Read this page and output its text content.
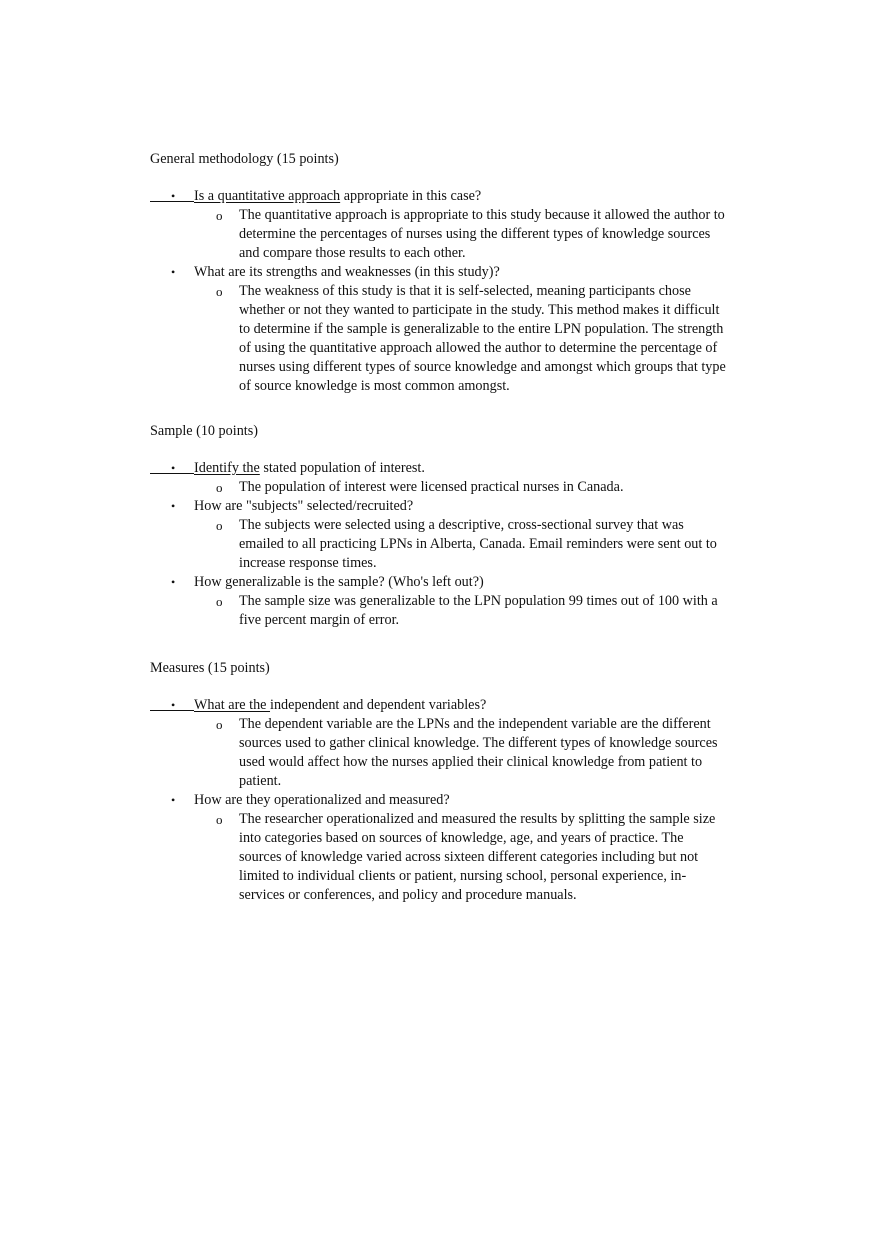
General methodology (15 points)

• Is a quantitative approach appropriate in this case?

o The quantitative approach is appropriate to this study because it allowed the author to determine the percentages of nurses using the different types of knowledge sources and compare those results to each other.

• What are its strengths and weaknesses (in this study)?

o The weakness of this study is that it is self-selected, meaning participants chose whether or not they wanted to participate in the study. This method makes it difficult to determine if the sample is generalizable to the entire LPN population. The strength of using the quantitative approach allowed the author to determine the percentage of nurses using different types of source knowledge and amongst which groups that type of source knowledge is most common amongst.

Sample (10 points)

• Identify the stated population of interest.

o The population of interest were licensed practical nurses in Canada.

• How are "subjects" selected/recruited?

o The subjects were selected using a descriptive, cross-sectional survey that was emailed to all practicing LPNs in Alberta, Canada. Email reminders were sent out to increase response times.

• How generalizable is the sample? (Who's left out?)

o The sample size was generalizable to the LPN population 99 times out of 100 with a five percent margin of error.

Measures (15 points)

• What are the independent and dependent variables?

o The dependent variable are the LPNs and the independent variable are the different sources used to gather clinical knowledge. The different types of knowledge sources used would affect how the nurses applied their clinical knowledge from patient to patient.

• How are they operationalized and measured?

o The researcher operationalized and measured the results by splitting the sample size into categories based on sources of knowledge, age, and years of practice. The sources of knowledge varied across sixteen different categories including but not limited to individual clients or patient, nursing school, personal experience, in-services or conferences, and policy and procedure manuals.
